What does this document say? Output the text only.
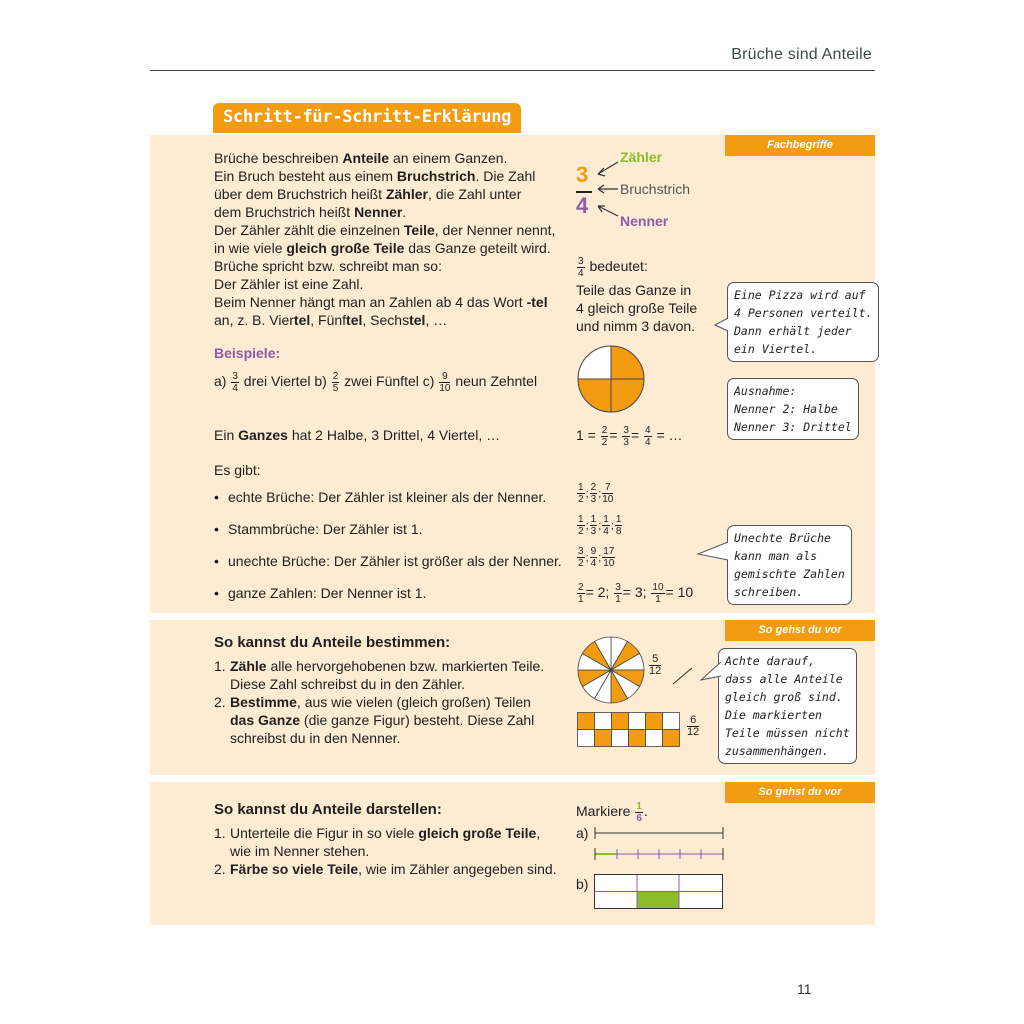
Brüche sind Anteile
Fachbegriffe
Schritt-für-Schritt-Erklärung
Brüche beschreiben Anteile an einem Ganzen.
Ein Bruch besteht aus einem Bruchstrich. Die Zahl
über dem Bruchstrich heißt Zähler, die Zahl unter
dem Bruchstrich heißt Nenner.
Der Zähler zählt die einzelnen Teile, der Nenner nennt,
in wie viele gleich große Teile das Ganze geteilt wird.
Brüche spricht bzw. schreibt man so:
Der Zähler ist eine Zahl.
Beim Nenner hängt man an Zahlen ab 4 das Wort -tel
an, z. B. Viertel, Fünftel, Sechstel, …
Beispiele:
$a) \frac{3}{4}$ drei Viertel $b) \frac{2}{5}$ zwei Fünftel $c) \frac{9}{10}$ neun Zehntel
Ein Ganzes hat 2 Halbe, 3 Drittel, 4 Viertel, …
Es gibt:
• echte Brüche: Der Zähler ist kleiner als der Nenner.	$\frac{1}{2}$ ; $\frac{2}{3}$ ; $\frac{7}{10}$
• Stammbrüche: Der Zähler ist 1.	$\frac{1}{2}$ ; $\frac{1}{3}$ ; $\frac{1}{4}$ ; $\frac{1}{8}$
• unechte Brüche: Der Zähler ist größer als der Nenner. $\frac{3}{2}$ ; $\frac{9}{4}$ ; $\frac{17}{10}$
• ganze Zahlen: Der Nenner ist 1.
3
4
Zähler
Bruchstrich
Nenner
$\frac{3}{4}$ bedeutet:
Teile das Ganze in
4 gleich große Teile
und nimm 3 davon.
$1 = \frac{2}{2} = \frac{3}{3} = \frac{4}{4}$ = …
$\frac{2}{1} = 2$; $\frac{3}{1} = 3$; $\frac{10}{1} = 10$
Eine Pizza wird auf
4 Personen verteilt.
Dann erhält jeder
ein Viertel.
Ausnahme:
Nenner 2: Halbe
Nenner 3: Drittel
Unechte Brüche
kann man als
gemischte Zahlen
schreiben.
So gehst du vor
So kannst du Anteile bestimmen:
1. Zähle alle hervorgehobenen bzw. markierten Teile.
Diese Zahl schreibst du in den Zähler.
2. Bestimme, aus wie vielen (gleich großen) Teilen
das Ganze (die ganze Figur) besteht. Diese Zahl
schreibst du in den Nenner.
$\frac{5}{12}$
$\frac{6}{12}$
Achte darauf,
dass alle Anteile
gleich groß sind.
Die markierten
Teile müssen nicht
zusammenhängen.
So gehst du vor
So kannst du Anteile darstellen:
1. Unterteile die Figur in so viele gleich große Teile,
wie im Nenner stehen.
2. Färbe so viele Teile, wie im Zähler angegeben sind.
Markiere $\frac{1}{6}$ .
a)
b)
11
